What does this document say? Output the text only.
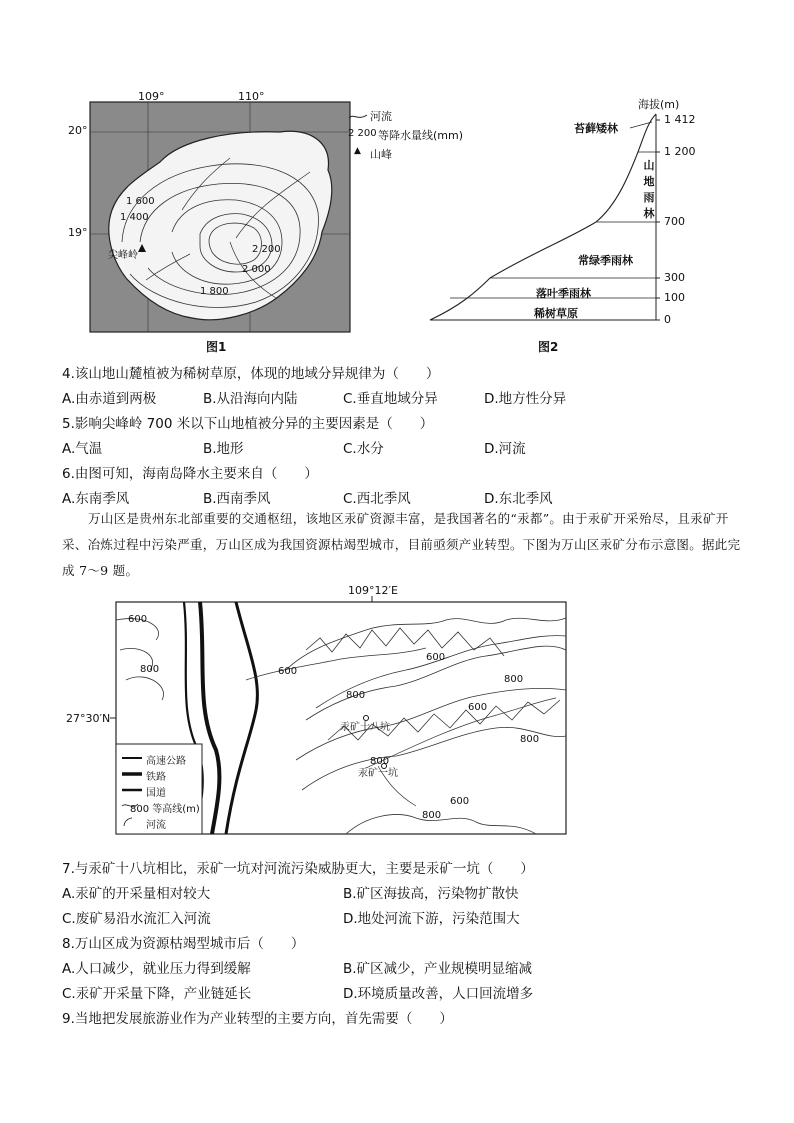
109°	110°
20°
19°
1 600
1 400
2 200
2 000
1 800
尖峰岭
图1
河流
2 200 等降水量线(mm)
▲ 山峰
海拔(m)
1 412
1 200
700
300
100
0
苔藓矮林
山
地
雨
林
常绿季雨林
落叶季雨林
稀树草原
图2
4.该山地山麓植被为稀树草原，体现的地域分异规律为（　　）
A.由赤道到两极	B.从沿海向内陆	C.垂直地域分异	D.地方性分异
5.影响尖峰岭 700 米以下山地植被分异的主要因素是（　　）
A.气温	B.地形	C.水分	D.河流
6.由图可知，海南岛降水主要来自（　　）
A.东南季风	B.西南季风	C.西北季风	D.东北季风
万山区是贵州东北部重要的交通枢纽，该地区汞矿资源丰富，是我国著名的“汞都”。由于汞矿开采殆尽，且汞矿开采、冶炼过程中污染严重，万山区成为我国资源枯竭型城市，目前亟须产业转型。下图为万山区汞矿分布示意图。据此完成 7～9 题。
109°12′E
27°30′N
600
800	600
800
600
800
600
800
800
600
800
汞矿十八坑
汞矿一坑
高速公路
铁路
国道
800 等高线(m)
河流
7.与汞矿十八坑相比，汞矿一坑对河流污染威胁更大，主要是汞矿一坑（　　）
A.汞矿的开采量相对较大	B.矿区海拔高，污染物扩散快
C.废矿易沿水流汇入河流	D.地处河流下游，污染范围大
8.万山区成为资源枯竭型城市后（　　）
A.人口减少，就业压力得到缓解	B.矿区减少，产业规模明显缩减
C.汞矿开采量下降，产业链延长	D.环境质量改善，人口回流增多
9.当地把发展旅游业作为产业转型的主要方向，首先需要（　　）
